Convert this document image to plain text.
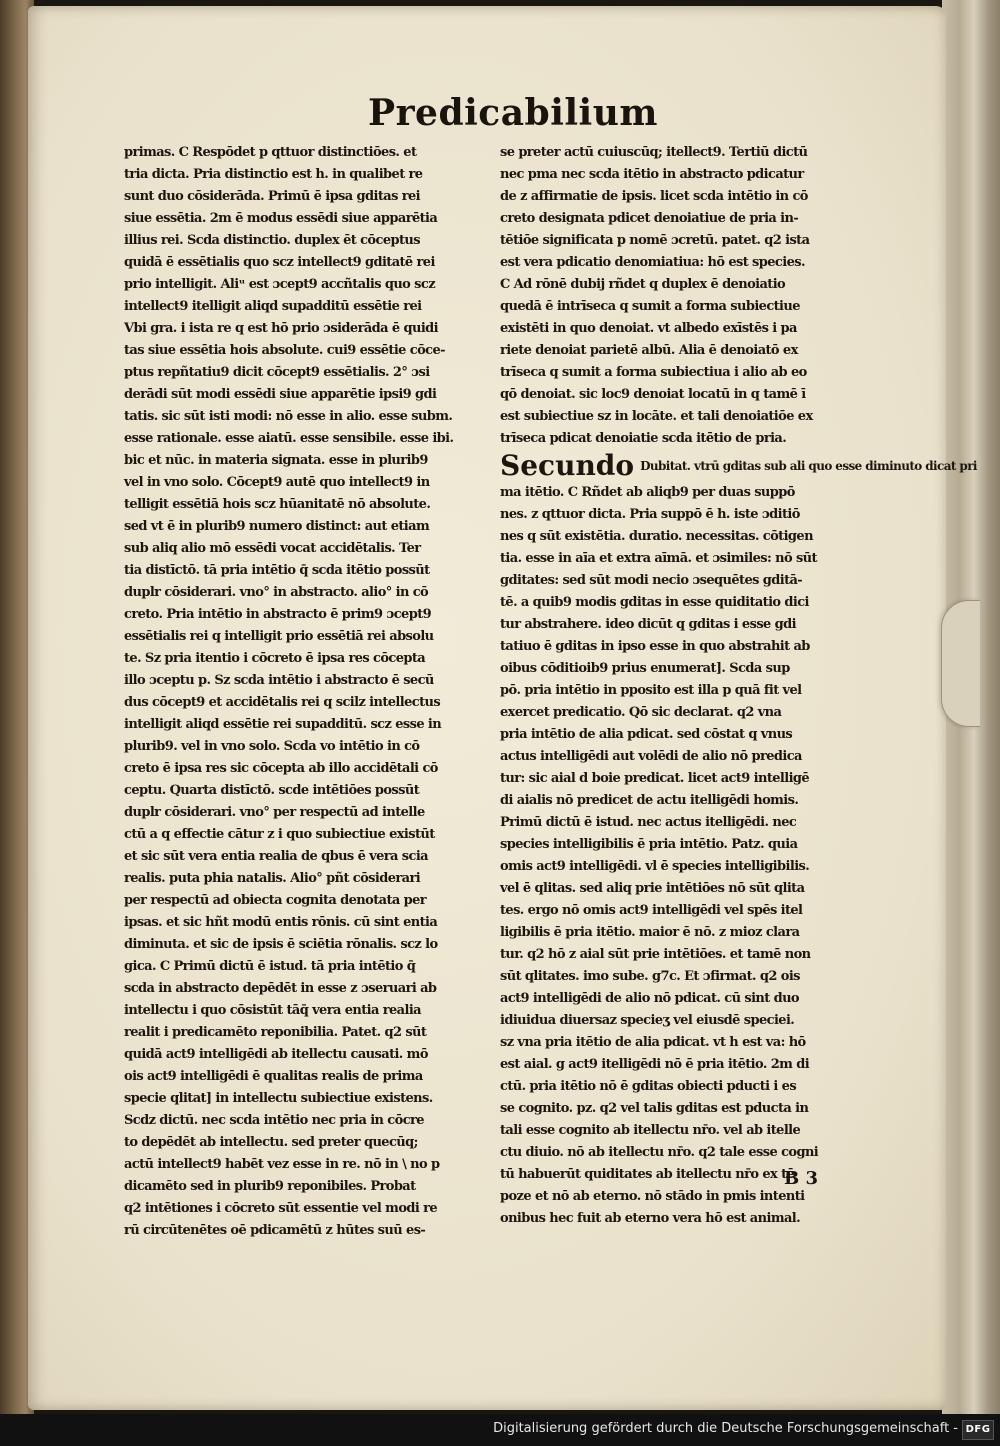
Predicabilium
primas. C Respōdet p qttuor distinctiōes. et
tria dicta. Pria distinctio est h. in qualibet re
sunt duo cōsiderāda. Primū ē ipsa gditas rei
siue essētia. 2m ē modus essēdi siue apparētia
illius rei. Scda distinctio. duplex ēt cōceptus
quidā ē essētialis quo scz intellect9 gditatē rei
prio intelligit. Aliᵘ est ɔcept9 accñtalis quo scz
intellect9 itelligit aliqd supadditū essētie rei
Vbi gra. i ista re q est hō prio ɔsiderāda ē quidi
tas siue essētia hois absolute. cui9 essētie cōce-
ptus repñtatiu9 dicit cōcept9 essētialis. 2° ɔsi
derādi sūt modi essēdi siue apparētie ipsi9 gdi
tatis. sic sūt isti modi: nō esse in alio. esse subm.
esse rationale. esse aiatū. esse sensibile. esse ibi.
bic et nūc. in materia signata. esse in plurib9
vel in vno solo. Cōcept9 autē quo intellect9 in
telligit essētiā hois scz hūanitatē nō absolute.
sed vt ē in plurib9 numero distinct: aut etiam
sub aliq alio mō essēdi vocat accidētalis. Ter
tia distīctō. tā pria intētio q̄ scda itētio possūt
duplr cōsiderari. vno° in abstracto. alio° in cō
creto. Pria intētio in abstracto ē prim9 ɔcept9
essētialis rei q intelligit prio essētiā rei absolu
te. Sz pria itentio i cōcreto ē ipsa res cōcepta
illo ɔceptu p. Sz scda intētio i abstracto ē secū
dus cōcept9 et accidētalis rei q scilz intellectus
intelligit aliqd essētie rei supadditū. scz esse in
plurib9. vel in vno solo. Scda vo intētio in cō
creto ē ipsa res sic cōcepta ab illo accidētali cō
ceptu. Quarta distīctō. scde intētiōes possūt
duplr cōsiderari. vno° per respectū ad intelle
ctū a q effectie cātur z i quo subiectiue existūt
et sic sūt vera entia realia de qbus ē vera scia
realis. puta phia natalis. Alio° pñt cōsiderari
per respectū ad obiecta cognita denotata per
ipsas. et sic hñt modū entis rōnis. cū sint entia
diminuta. et sic de ipsis ē sciētia rōnalis. scz lo
gica. C Primū dictū ē istud. tā pria intētio q̄
scda in abstracto depēdēt in esse z ɔseruari ab
intellectu i quo cōsistūt tāq̄ vera entia realia
realit i predicamēto reponibilia. Patet. q2 sūt
quidā act9 intelligēdi ab itellectu causati. mō
ois act9 intelligēdi ē qualitas realis de prima
specie qlitat] in intellectu subiectiue existens.
Scdz dictū. nec scda intētio nec pria in cōcre
to depēdēt ab intellectu. sed preter quecūq;
actū intellect9 habēt vez esse in re. nō in \ no p
dicamēto sed in plurib9 reponibiles. Probat
q2 intētiones i cōcreto sūt essentie vel modi re
rū circūtenētes oē pdicamētū z hūtes suū es-
se preter actū cuiuscūq; itellect9. Tertiū dictū
nec pma nec scda itētio in abstracto pdicatur
de z affirmatie de ipsis. licet scda intētio in cō
creto designata pdicet denoiatiue de pria in-
tētiōe significata p nomē ɔcretū. patet. q2 ista
est vera pdicatio denomiatiua: hō est species.
C Ad rōnē dubij rñdet q duplex ē denoiatio
quedā ē intrīseca q sumit a forma subiectiue
existēti in quo denoiat. vt albedo exīstēs i pa
riete denoiat parietē albū. Alia ē denoiatō ex
trīseca q sumit a forma subiectiua i alio ab eo
qō denoiat. sic loc9 denoiat locatū in q tamē ī
est subiectiue sz in locāte. et tali denoiatiōe ex
trīseca pdicat denoiatie scda itētio de pria.
Secundo Dubitat. vtrū gditas sub ali quo esse diminuto dicat pri
ma itētio. C Rñdet ab aliqb9 per duas suppō
nes. z qttuor dicta. Pria suppō ē h. iste ɔditiō
nes q sūt existētia. duratio. necessitas. cōtigen
tia. esse in aīa et extra aīmā. et ɔsimiles: nō sūt
gditates: sed sūt modi necio ɔsequētes gditā-
tē. a quib9 modis gditas in esse quiditatio dici
tur abstrahere. ideo dicūt q gditas i esse gdi
tatiuo ē gditas in ipso esse in quo abstrahit ab
oibus cōditioib9 prius enumerat]. Scda sup
pō. pria intētio in pposito est illa p quā fit vel
exercet predicatio. Qō sic declarat. q2 vna
pria intētio de alia pdicat. sed cōstat q vnus
actus intelligēdi aut volēdi de alio nō predica
tur: sic aial d boie predicat. licet act9 intelligē
di aialis nō predicet de actu itelligēdi homis.
Primū dictū ē istud. nec actus itelligēdi. nec
species intelligibilis ē pria intētio. Patz. quia
omis act9 intelligēdi. vl ē species intelligibilis.
vel ē qlitas. sed aliq prie intētiōes nō sūt qlita
tes. ergo nō omis act9 intelligēdi vel spēs itel
ligibilis ē pria itētio. maior ē nō. z mioz clara
tur. q2 hō z aial sūt prie intētiōes. et tamē non
sūt qlitates. imo sube. g7c. Et ɔfirmat. q2 ois
act9 intelligēdi de alio nō pdicat. cū sint duo
idiuidua diuersaz specieʒ vel eiusdē speciei.
sz vna pria itētio de alia pdicat. vt h est va: hō
est aial. g act9 itelligēdi nō ē pria itētio. 2m di
ctū. pria itētio nō ē gditas obiecti pducti i es
se cognito. pz. q2 vel talis gditas est pducta in
tali esse cognito ab itellectu nr̄o. vel ab itelle
ctu diuio. nō ab itellectu nr̄o. q2 tale esse cogni
tū habuerūt quiditates ab itellectu nr̄o ex tē
poze et nō ab eterno. nō stādo in pmis intenti
onibus hec fuit ab eterno vera hō est animal.
B 3
Digitalisierung gefördert durch die Deutsche Forschungsgemeinschaft - DFG
